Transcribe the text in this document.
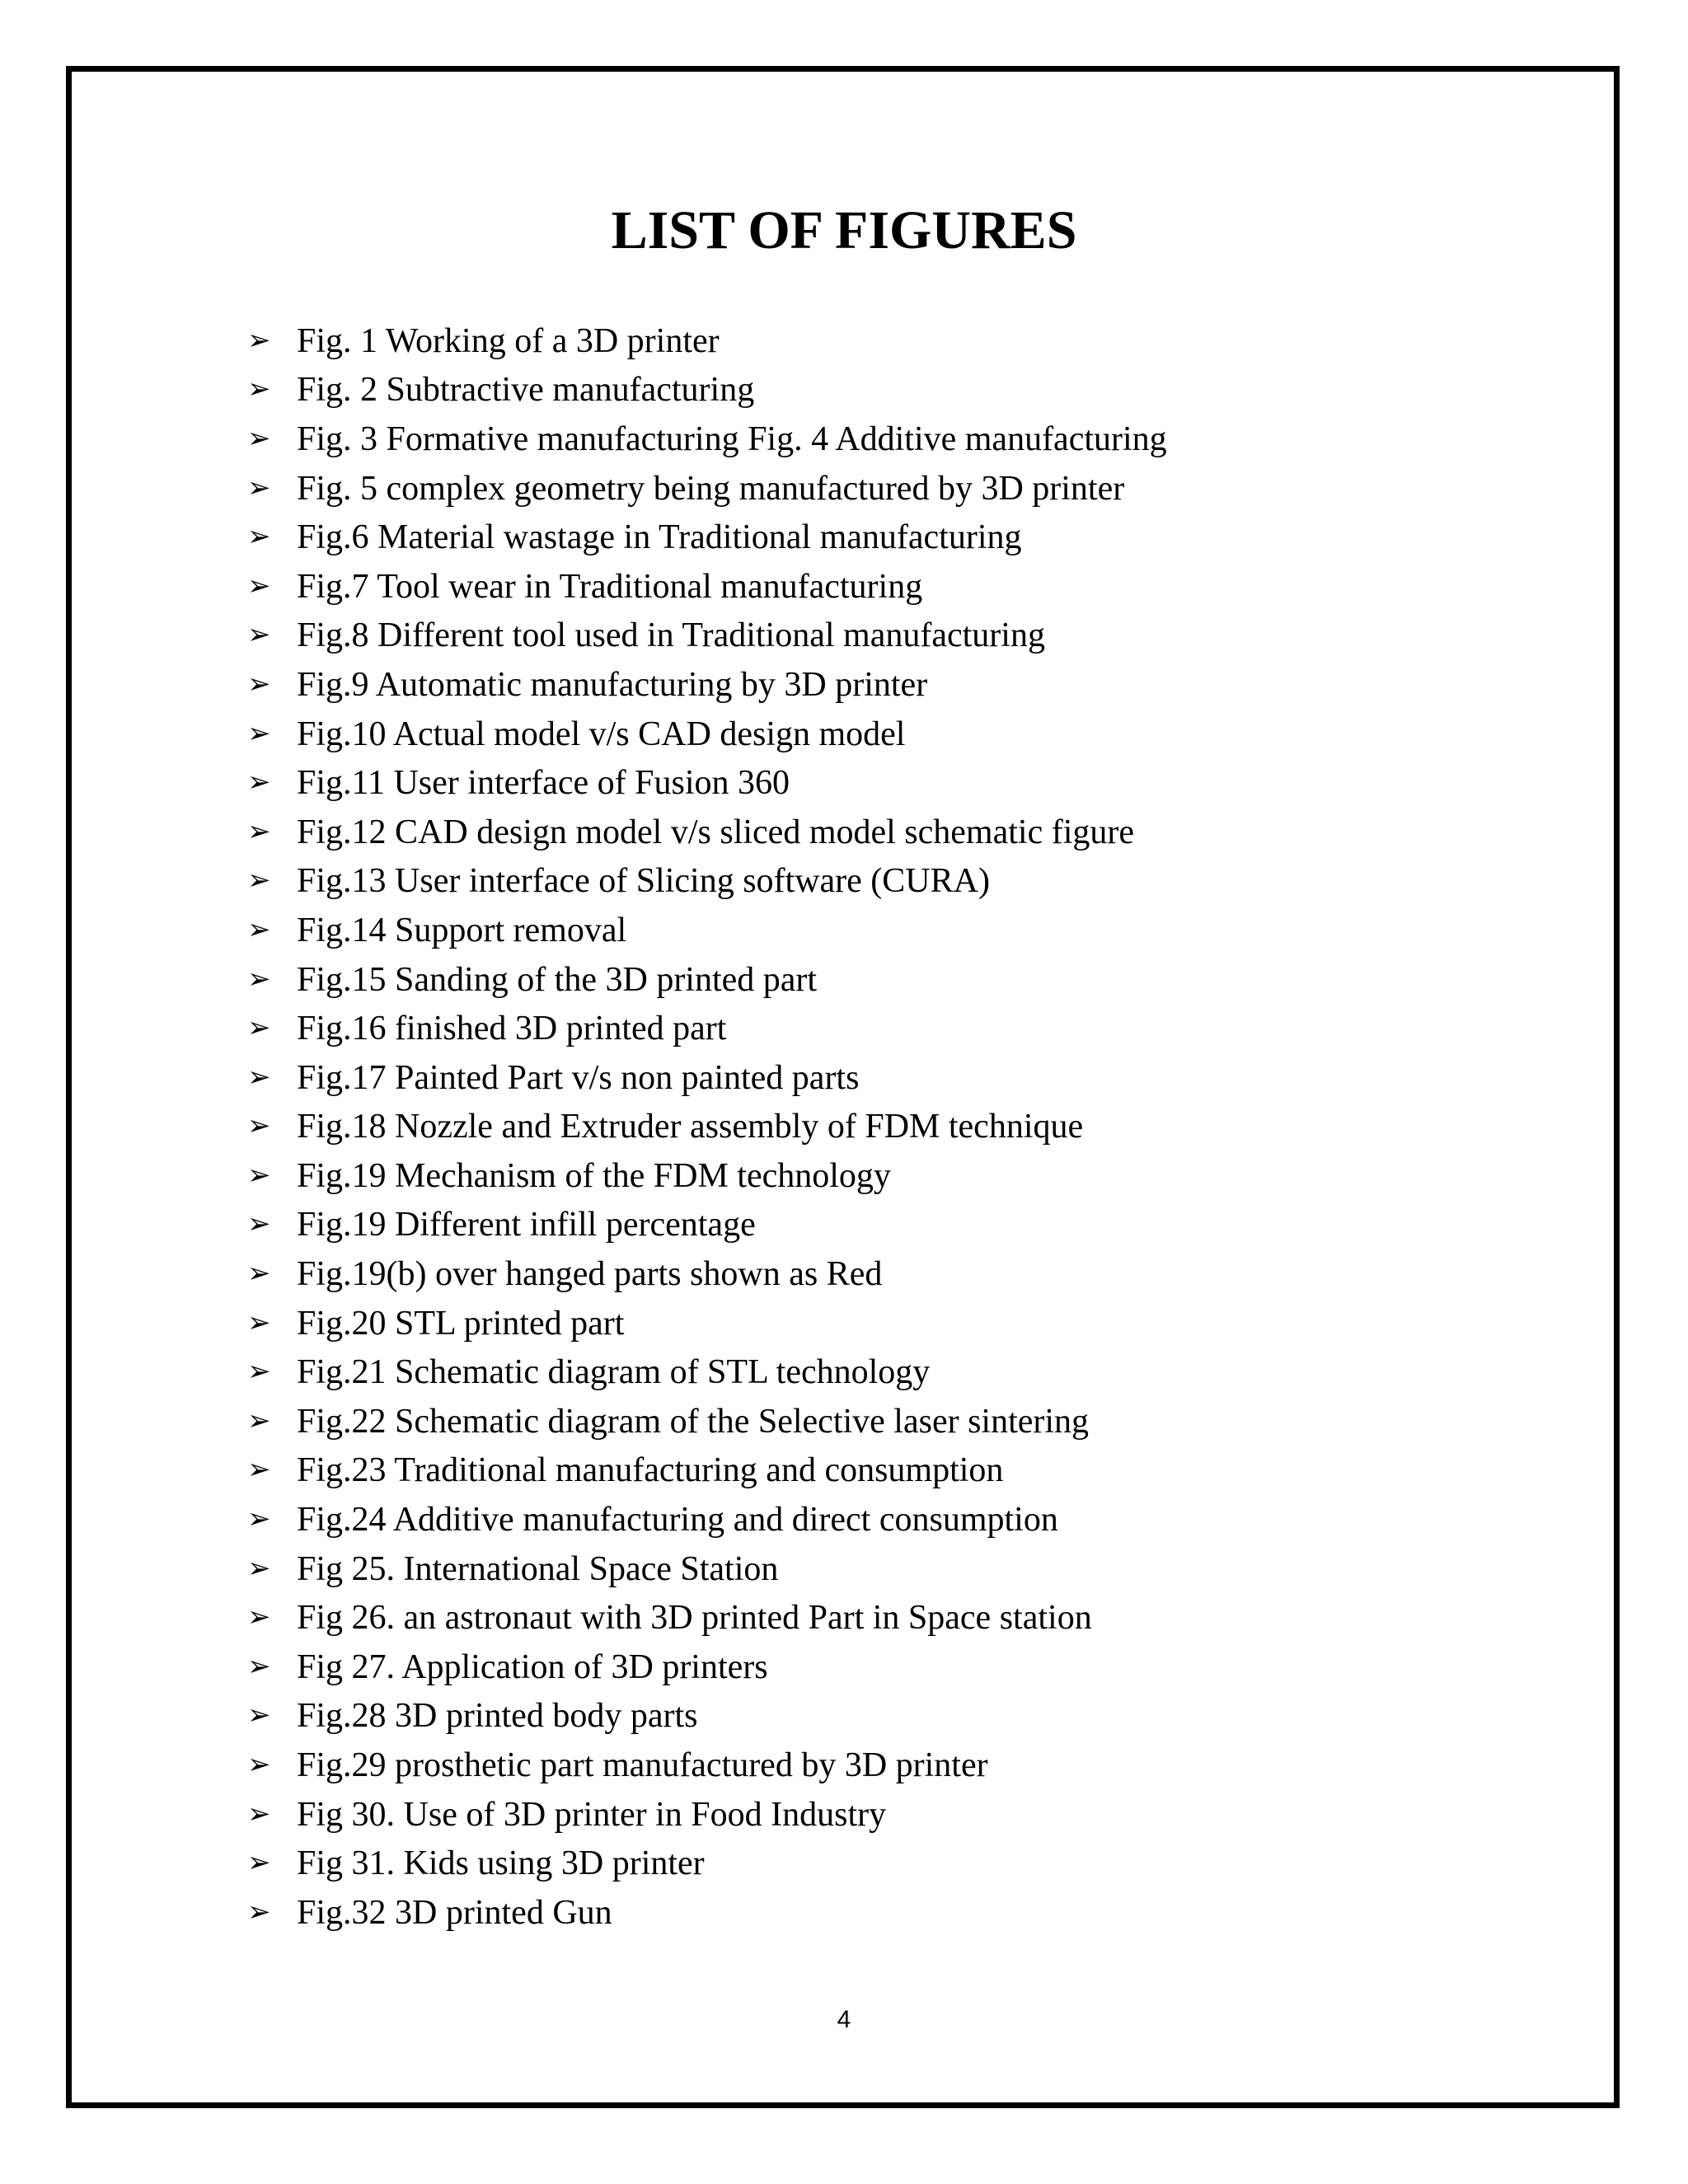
LIST OF FIGURES
➢ Fig. 1 Working of a 3D printer
➢ Fig. 2 Subtractive manufacturing
➢ Fig. 3 Formative manufacturing Fig. 4 Additive manufacturing
➢ Fig. 5 complex geometry being manufactured by 3D printer
➢ Fig.6 Material wastage in Traditional manufacturing
➢ Fig.7 Tool wear in Traditional manufacturing
➢ Fig.8 Different tool used in Traditional manufacturing
➢ Fig.9 Automatic manufacturing by 3D printer
➢ Fig.10 Actual model v/s CAD design model
➢ Fig.11 User interface of Fusion 360
➢ Fig.12 CAD design model v/s sliced model schematic figure
➢ Fig.13 User interface of Slicing software (CURA)
➢ Fig.14 Support removal
➢ Fig.15 Sanding of the 3D printed part
➢ Fig.16 finished 3D printed part
➢ Fig.17 Painted Part v/s non painted parts
➢ Fig.18 Nozzle and Extruder assembly of FDM technique
➢ Fig.19 Mechanism of the FDM technology
➢ Fig.19 Different infill percentage
➢ Fig.19(b) over hanged parts shown as Red
➢ Fig.20 STL printed part
➢ Fig.21 Schematic diagram of STL technology
➢ Fig.22 Schematic diagram of the Selective laser sintering
➢ Fig.23 Traditional manufacturing and consumption
➢ Fig.24 Additive manufacturing and direct consumption
➢ Fig 25. International Space Station
➢ Fig 26. an astronaut with 3D printed Part in Space station
➢ Fig 27. Application of 3D printers
➢ Fig.28 3D printed body parts
➢ Fig.29 prosthetic part manufactured by 3D printer
➢ Fig 30. Use of 3D printer in Food Industry
➢ Fig 31. Kids using 3D printer
➢ Fig.32 3D printed Gun
4
